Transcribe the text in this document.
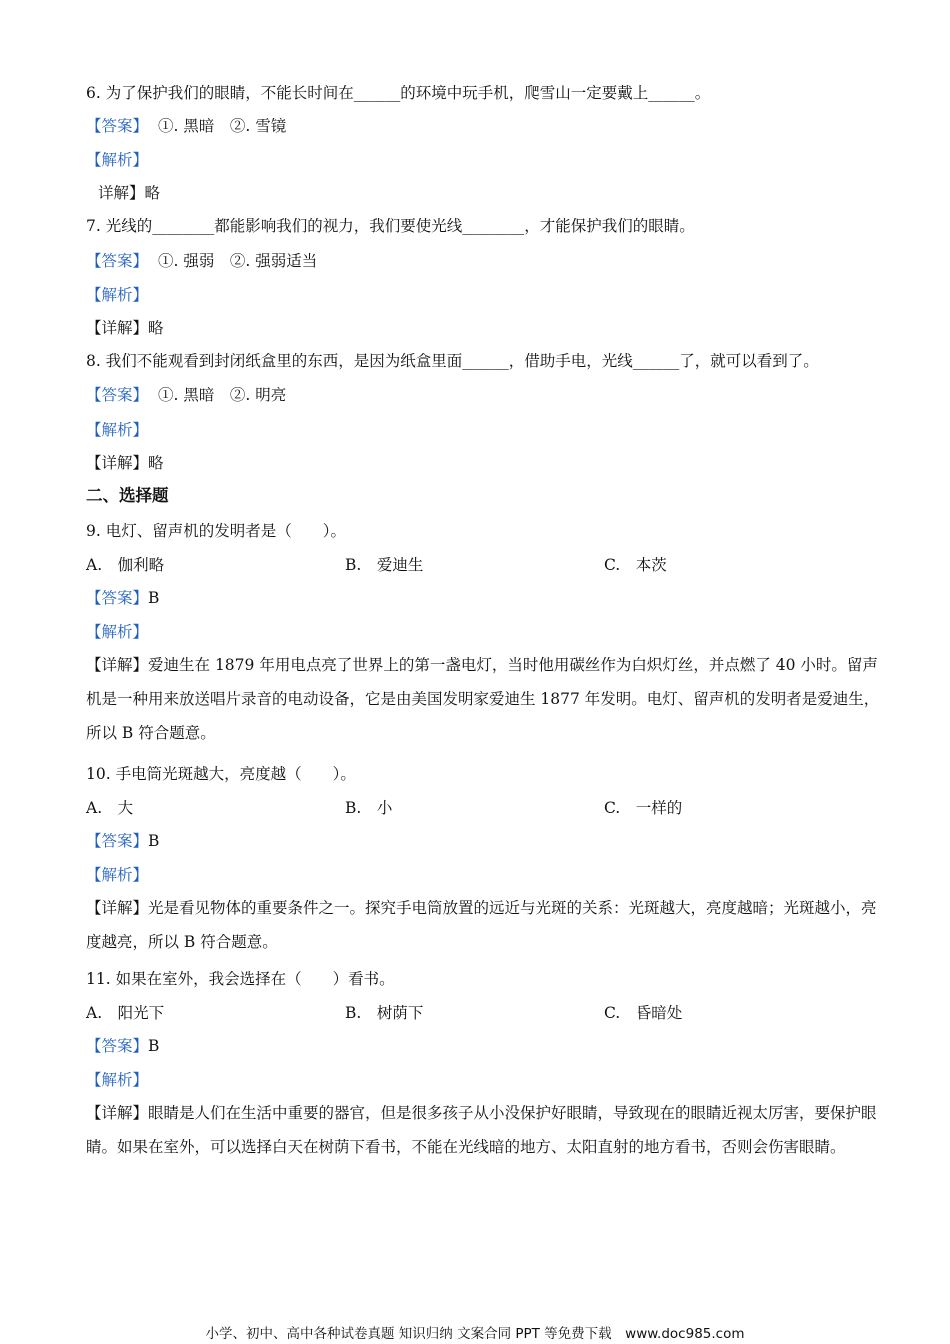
6. 为了保护我们的眼睛，不能长时间在______的环境中玩手机，爬雪山一定要戴上______。
【答案】 ①. 黑暗　②. 雪镜
【解析】
详解】略
7. 光线的________都能影响我们的视力，我们要使光线________，才能保护我们的眼睛。
【答案】 ①. 强弱　②. 强弱适当
【解析】
【详解】略
8. 我们不能观看到封闭纸盒里的东西，是因为纸盒里面______，借助手电，光线______了，就可以看到了。
【答案】 ①. 黑暗　②. 明亮
【解析】
【详解】略
二、选择题
9. 电灯、留声机的发明者是（　　）。
A.　伽利略	B.　爱迪生	C.　本茨
【答案】B
【解析】
【详解】爱迪生在 1879 年用电点亮了世界上的第一盏电灯，当时他用碳丝作为白炽灯丝，并点燃了 40 小时。留声机是一种用来放送唱片录音的电动设备，它是由美国发明家爱迪生 1877 年发明。电灯、留声机的发明者是爱迪生，所以 B 符合题意。
10. 手电筒光斑越大，亮度越（　　）。
A.　大	B.　小	C.　一样的
【答案】B
【解析】
【详解】光是看见物体的重要条件之一。探究手电筒放置的远近与光斑的关系：光斑越大，亮度越暗；光斑越小，亮度越亮，所以 B 符合题意。
11. 如果在室外，我会选择在（　　）看书。
A.　阳光下	B.　树荫下	C.　昏暗处
【答案】B
【解析】
【详解】眼睛是人们在生活中重要的器官，但是很多孩子从小没保护好眼睛，导致现在的眼睛近视太厉害，要保护眼睛。如果在室外，可以选择白天在树荫下看书，不能在光线暗的地方、太阳直射的地方看书，否则会伤害眼睛。
小学、初中、高中各种试卷真题 知识归纳 文案合同 PPT 等免费下载　www.doc985.com
